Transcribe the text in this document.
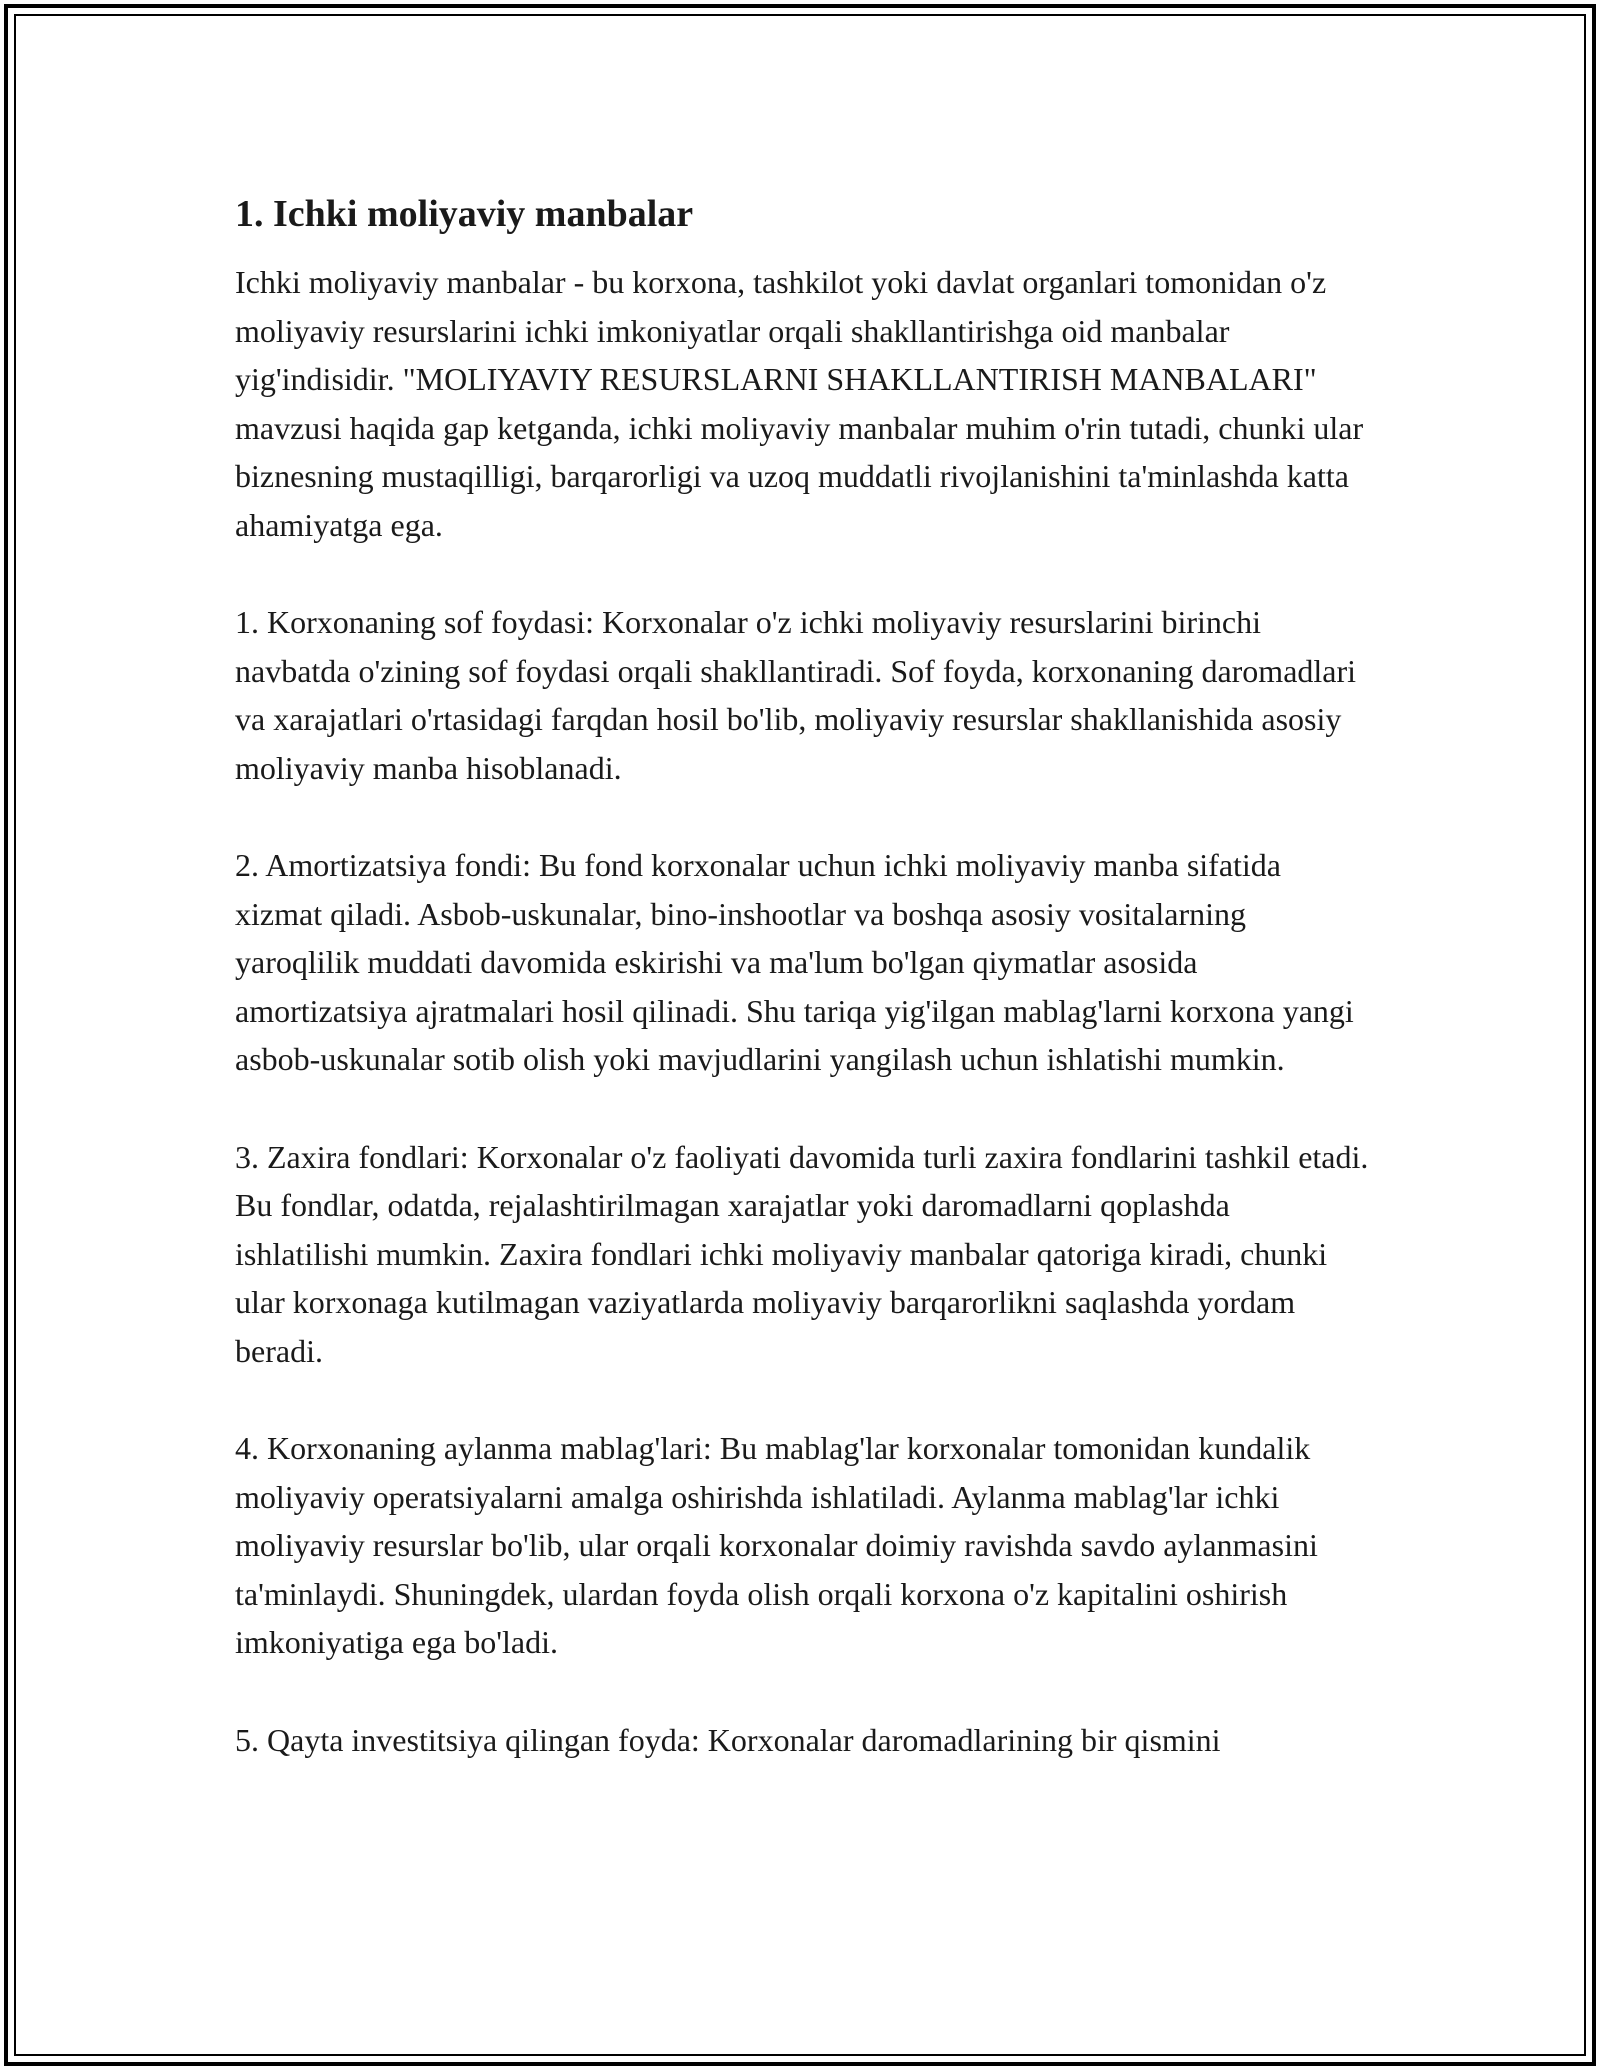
1. Ichki moliyaviy manbalar

Ichki moliyaviy manbalar - bu korxona, tashkilot yoki davlat organlari tomonidan o'z moliyaviy resurslarini ichki imkoniyatlar orqali shakllantirishga oid manbalar yig'indisidir. "MOLIYAVIY RESURSLARNI SHAKLLANTIRISH MANBALARI" mavzusi haqida gap ketganda, ichki moliyaviy manbalar muhim o'rin tutadi, chunki ular biznesning mustaqilligi, barqarorligi va uzoq muddatli rivojlanishini ta'minlashda katta ahamiyatga ega.

1. Korxonaning sof foydasi: Korxonalar o'z ichki moliyaviy resurslarini birinchi navbatda o'zining sof foydasi orqali shakllantiradi. Sof foyda, korxonaning daromadlari va xarajatlari o'rtasidagi farqdan hosil bo'lib, moliyaviy resurslar shakllanishida asosiy moliyaviy manba hisoblanadi.

2. Amortizatsiya fondi: Bu fond korxonalar uchun ichki moliyaviy manba sifatida xizmat qiladi. Asbob-uskunalar, bino-inshootlar va boshqa asosiy vositalarning yaroqlilik muddati davomida eskirishi va ma'lum bo'lgan qiymatlar asosida amortizatsiya ajratmalari hosil qilinadi. Shu tariqa yig'ilgan mablag'larni korxona yangi asbob-uskunalar sotib olish yoki mavjudlarini yangilash uchun ishlatishi mumkin.

3. Zaxira fondlari: Korxonalar o'z faoliyati davomida turli zaxira fondlarini tashkil etadi. Bu fondlar, odatda, rejalashtirilmagan xarajatlar yoki daromadlarni qoplashda ishlatilishi mumkin. Zaxira fondlari ichki moliyaviy manbalar qatoriga kiradi, chunki ular korxonaga kutilmagan vaziyatlarda moliyaviy barqarorlikni saqlashda yordam beradi.

4. Korxonaning aylanma mablag'lari: Bu mablag'lar korxonalar tomonidan kundalik moliyaviy operatsiyalarni amalga oshirishda ishlatiladi. Aylanma mablag'lar ichki moliyaviy resurslar bo'lib, ular orqali korxonalar doimiy ravishda savdo aylanmasini ta'minlaydi. Shuningdek, ulardan foyda olish orqali korxona o'z kapitalini oshirish imkoniyatiga ega bo'ladi.

5. Qayta investitsiya qilingan foyda: Korxonalar daromadlarining bir qismini
